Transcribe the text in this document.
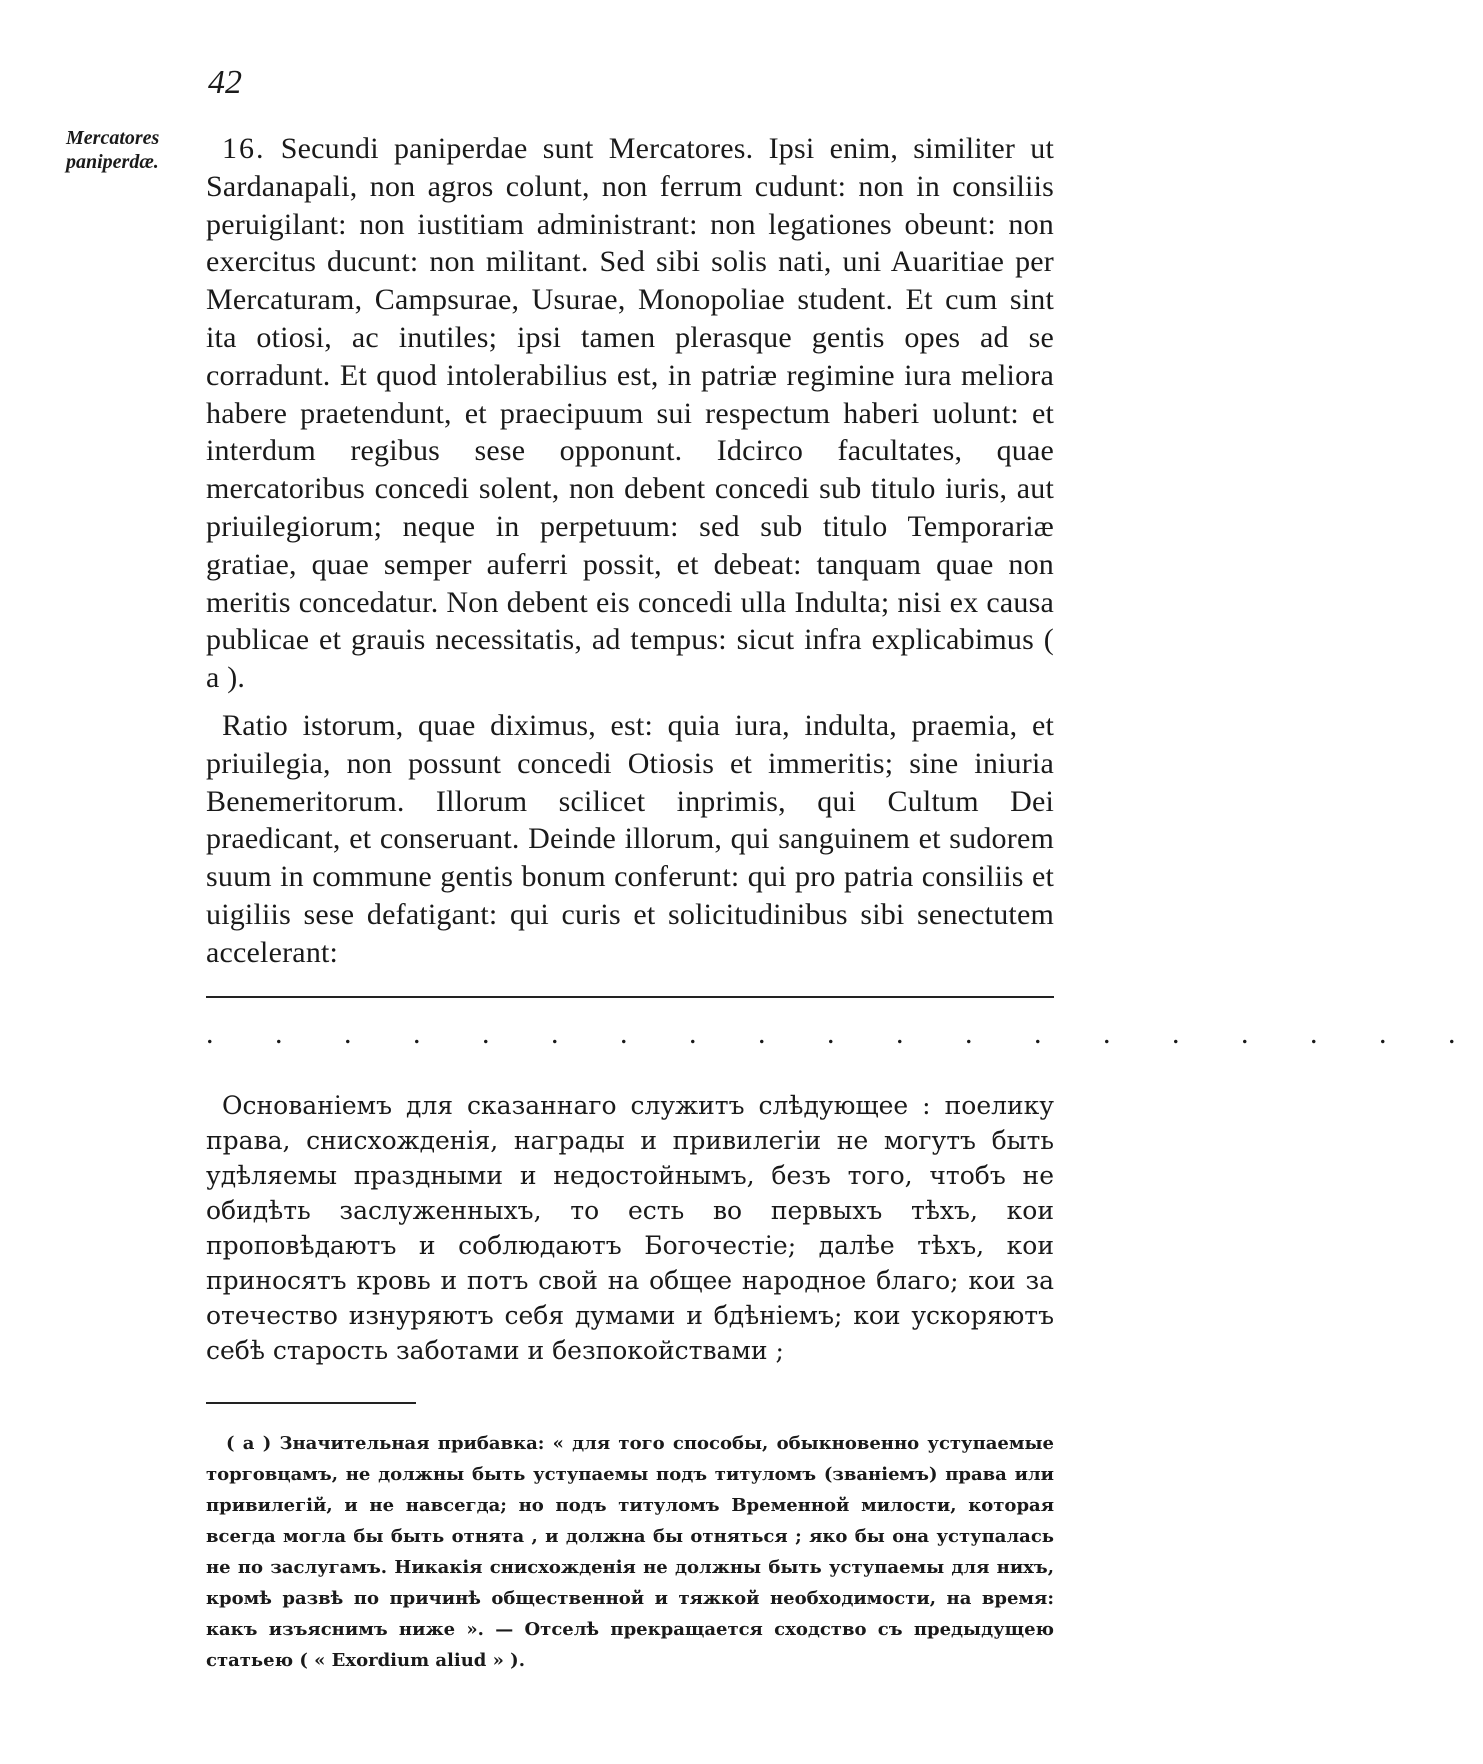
42
Mercatores paniperdæ.	16. Secundi paniperdae sunt Mercatores. Ipsi enim, similiter ut Sardanapali, non agros colunt, non ferrum cudunt: non in consiliis peruigilant: non iustitiam administrant: non legationes obeunt: non exercitus ducunt: non militant. Sed sibi solis nati, uni Auaritiae per Mercaturam, Campsurae, Usurae, Monopoliae student. Et cum sint ita otiosi, ac inutiles; ipsi tamen plerasque gentis opes ad se corradunt. Et quod intolerabilius est, in patriæ regimine iura meliora habere praetendunt, et praecipuum sui respectum haberi uolunt: et interdum regibus sese opponunt. Idcirco facultates, quae mercatoribus concedi solent, non debent concedi sub titulo iuris, aut priuilegiorum; neque in perpetuum: sed sub titulo Temporariæ gratiae, quae semper auferri possit, et debeat: tanquam quae non meritis concedatur. Non debent eis concedi ulla Indulta; nisi ex causa publicae et grauis necessitatis, ad tempus: sicut infra explicabimus ( a ).

Ratio istorum, quae diximus, est: quia iura, indulta, praemia, et priuilegia, non possunt concedi Otiosis et immeritis; sine iniuria Benemeritorum. Illorum scilicet inprimis, qui Cultum Dei praedicant, et conseruant. Deinde illorum, qui sanguinem et sudorem suum in commune gentis bonum conferunt: qui pro patria consiliis et uigiliis sese defatigant: qui curis et solicitudinibus sibi senectutem accelerant:

. . . . . . . . . . . . . . . . . . .

Основаніемъ для сказаннаго служитъ слѣдующее : поелику права, снисхожденія, награды и привилегіи не могутъ быть удѣляемы праздными и недостойнымъ, безъ того, чтобъ не обидѣть заслуженныхъ, то есть во первыхъ тѣхъ, кои проповѣдаютъ и соблюдаютъ Богочестіе; далѣе тѣхъ, кои приносятъ кровь и потъ свой на общее народное благо; кои за отечество изнуряютъ себя думами и бдѣніемъ; кои ускоряютъ себѣ старость заботами и безпокойствами ;

( a ) Значительная прибавка: « для того способы, обыкновенно уступаемые торговцамъ, не должны быть уступаемы подъ титуломъ (званіемъ) права или привилегій, и не навсегда; но подъ титуломъ Временной милости, которая всегда могла бы быть отнята , и должна бы отняться ; яко бы она уступалась не по заслугамъ. Никакія снисхожденія не должны быть уступаемы для нихъ, кромѣ развѣ по причинѣ общественной и тяжкой необходимости, на время: какъ изъяснимъ ниже ». — Отселѣ прекращается сходство съ предыдущею статьею ( « Exordium aliud » ).
